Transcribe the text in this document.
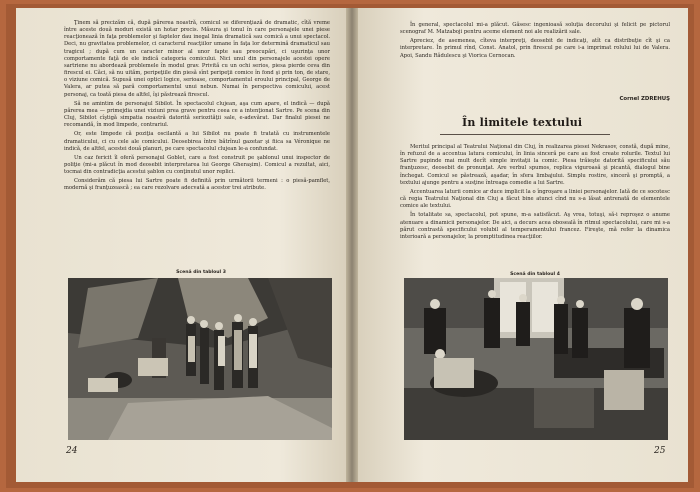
Ţinem să precizăm că, după părerea noastră, comicul se diferenţiază de dramatic, cîtă vreme între aceste două moduri există un hotar precis. Măsura şi tonul în care personajele unei piese reacţionează în faţa problemelor şi faptelor dau inegal linia dramatică sau comică a unui spectacol. Deci, nu gravitatea problemelor, ci caracterul reacţiilor umane în faţa lor determină dramaticul sau tragicul ; după cum un caracter minor al unor fapte sau preocupări, ci uşurinţa unor comportamente faţă de ele indică categoria comicului. Nici unul din personajele acestei opere sartriene nu abordează problemele în modul grav. Privită cu un ochi serios, piesa pierde ceva din firescul ei. Căci, să nu uităm, peripeţiile din piesă sînt peripeţii comice în fond şi prin ton, de stare, o viziune comică. Supusă unei optici logice, serioase, comportamentul eroului principal, George de Valera, ar putea să pară comportamentul unui nebun. Numai în perspectiva comicului, acest personaj, ca toată piesa de altfel, îşi păstrează firescul.

Să ne amintim de personajul Sibilot. În spectacolul clujean, aşa cum apare, el indică — după părerea mea — primejdia unei viziuni prea grave pentru ceea ce a intenţionat Sartre. Pe scena din Cluj, Sibilot cîştigă simpatia noastră datorită seriozităţii sale, e-adevărat. Dar finalul piesei ne recomandă, în mod limpede, contrariul.

Or, este limpede că poziţia oscilantă a lui Sibilot nu poate fi tratată cu instrumentele dramaticului, ci cu cele ale comicului. Deosebirea între bătrînul gazetar şi fiica sa Véronique ne indică, de altfel, acestei două planuri, pe care spectacolul clujean le-a confundat.

Un caz fericit îl oferă personajul Goblet, care a fost construit pe şablonul unui inspector de poliţie (mi-a plăcut în mod deosebit interpretarea lui George Gheraşim). Comicul a rezultat, aici, tocmai din contradicţia acestui şablon cu conţinutul unor replici.

Considerăm că piesa lui Sartre poate fi definită prin următorii termeni : o piesă-pamflet, modernă şi franţuzească ; ea care rezolvare adecvată a acestor trei atribute.

Scenă din tabloul 3
24

În general, spectacolul mi-a plăcut. Găsesc ingenioasă soluţia decorului şi felicit pe pictorul scenograf M. Matzaboji pentru aceme element noi ale realizării sale.

Apreciez, de asemenea, cîteva interpreţi, deosebit de indicaţi, atît ca distribuţie cît şi ca interpretare. În primul rînd, Const. Anatol, prin firescul pe care i-a imprimat rolului lui de Valera. Apoi, Sandu Rădulescu şi Viorica Cernocan.

Cornel ZDREHUŞ
În limitele textului

Meritul principal al Teatrului Naţional din Cluj, în realizarea piesei Nekrasov, constă, după mine, în refuzul de a accentua latura comicului, în linia sinceră pe care au fost create rolurile. Textul lui Sartre pupinde mai mult decît simple invitaţii la comic. Piesa trăieşte datorită specificului său franţuzesc, deosebit de pronunţat. Are verbul spumos, replica viguroasă şi picantă, dialogul bine închegat. Comicul se păstrează, aşadar, în sfera limbajului. Simplu rostire, sinceră şi promptă, a textului ajunge pentru a susţine întreaga comedie a lui Sartre.

Accentuarea laturii comice ar duce implicit la o îngroşare a liniei personajelor. Iată de ce socotesc că regia Teatrului Naţional din Cluj a făcut bine atunci cînd nu s-a lăsat antrenată de elementele comice ale textului.

În totalitate sa, spectacolul, pot spune, m-a satisfăcut. Aş vrea, totuşi, să-i reproşez o anume atenuare a dinamicii personajelor. De aici, a decurs acea obosealã în ritmul spectacolului, care mi s-a părut contrastă specificului volubil al temperamentului francez. Fireşte, mă refer la dinamica interioară a personajelor, la promptitudinea reacţiilor.

Scenă din tabloul 4
25
